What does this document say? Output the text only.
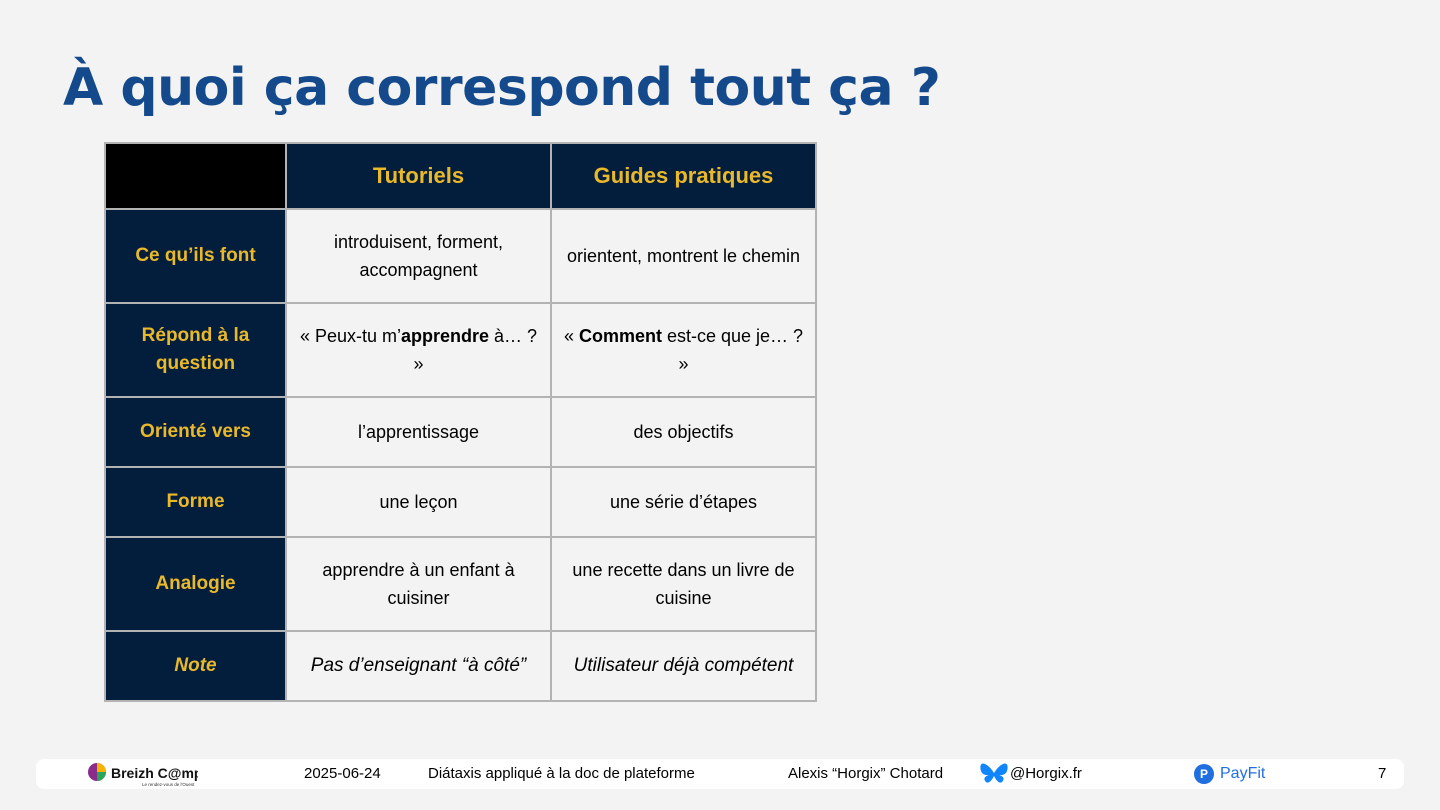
À quoi ça correspond tout ça ?
	Tutoriels	Guides pratiques
Ce qu’ils font	introduisent, forment, accompagnent	orientent, montrent le chemin
Répond à la question	« Peux-tu m’apprendre à… ? »	« Comment est-ce que je… ? »
Orienté vers	l’apprentissage	des objectifs
Forme	une leçon	une série d’étapes
Analogie	apprendre à un enfant à cuisiner	une recette dans un livre de cuisine
Note	Pas d’enseignant “à côté”	Utilisateur déjà compétent
Breizh C@mp
Le rendez-vous de l'Ouest
2025-06-24	Diátaxis appliqué à la doc de plateforme	Alexis “Horgix” Chotard	@Horgix.fr	P PayFit	7
